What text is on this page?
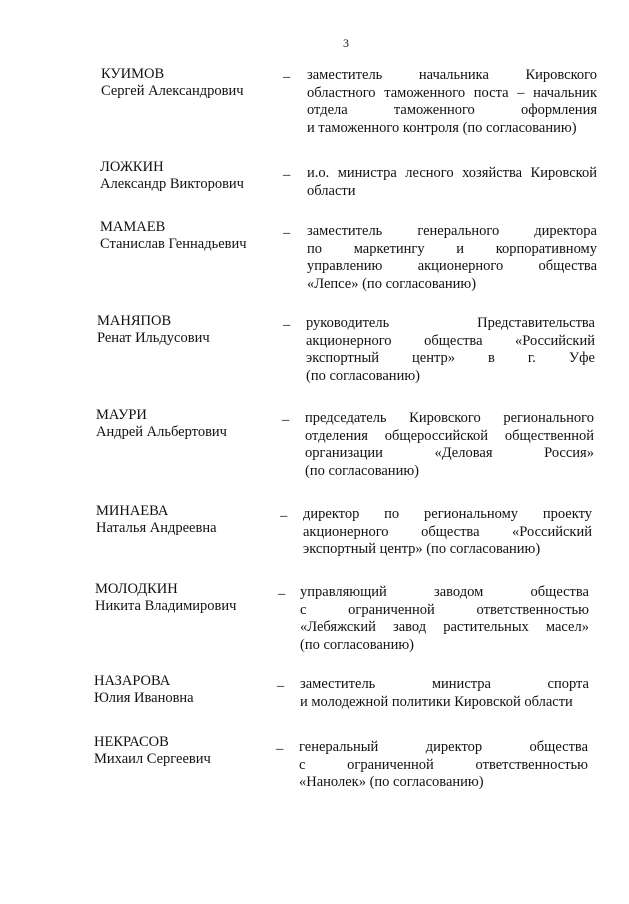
3
КУИМОВ
Сергей Александрович
– заместитель	начальника	Кировского
областного таможенного поста – начальник
отдела	таможенного	оформления
и таможенного контроля (по согласованию)
ЛОЖКИН
Александр Викторович
– и.о. министра лесного хозяйства Кировской
области
МАМАЕВ
Станислав Геннадьевич
– заместитель генерального директора
по маркетингу и корпоративному
управлению акционерного общества
«Лепсе» (по согласованию)
МАНЯПОВ
Ренат Ильдусович
– руководитель	Представительства
акционерного общества «Российский
экспортный центр» в г. Уфе
(по согласованию)
МАУРИ
Андрей Альбертович
– председатель Кировского регионального
отделения общероссийской общественной
организации	«Деловая	Россия»
(по согласованию)
МИНАЕВА
Наталья Андреевна
– директор по региональному проекту
акционерного общества «Российский
экспортный центр» (по согласованию)
МОЛОДКИН
Никита Владимирович
– управляющий	заводом	общества
с	ограниченной	ответственностью
«Лебяжский завод растительных масел»
(по согласованию)
НАЗАРОВА
Юлия Ивановна
– заместитель	министра	спорта
и молодежной политики Кировской области
НЕКРАСОВ
Михаил Сергеевич
– генеральный	директор	общества
с	ограниченной	ответственностью
«Нанолек» (по согласованию)
